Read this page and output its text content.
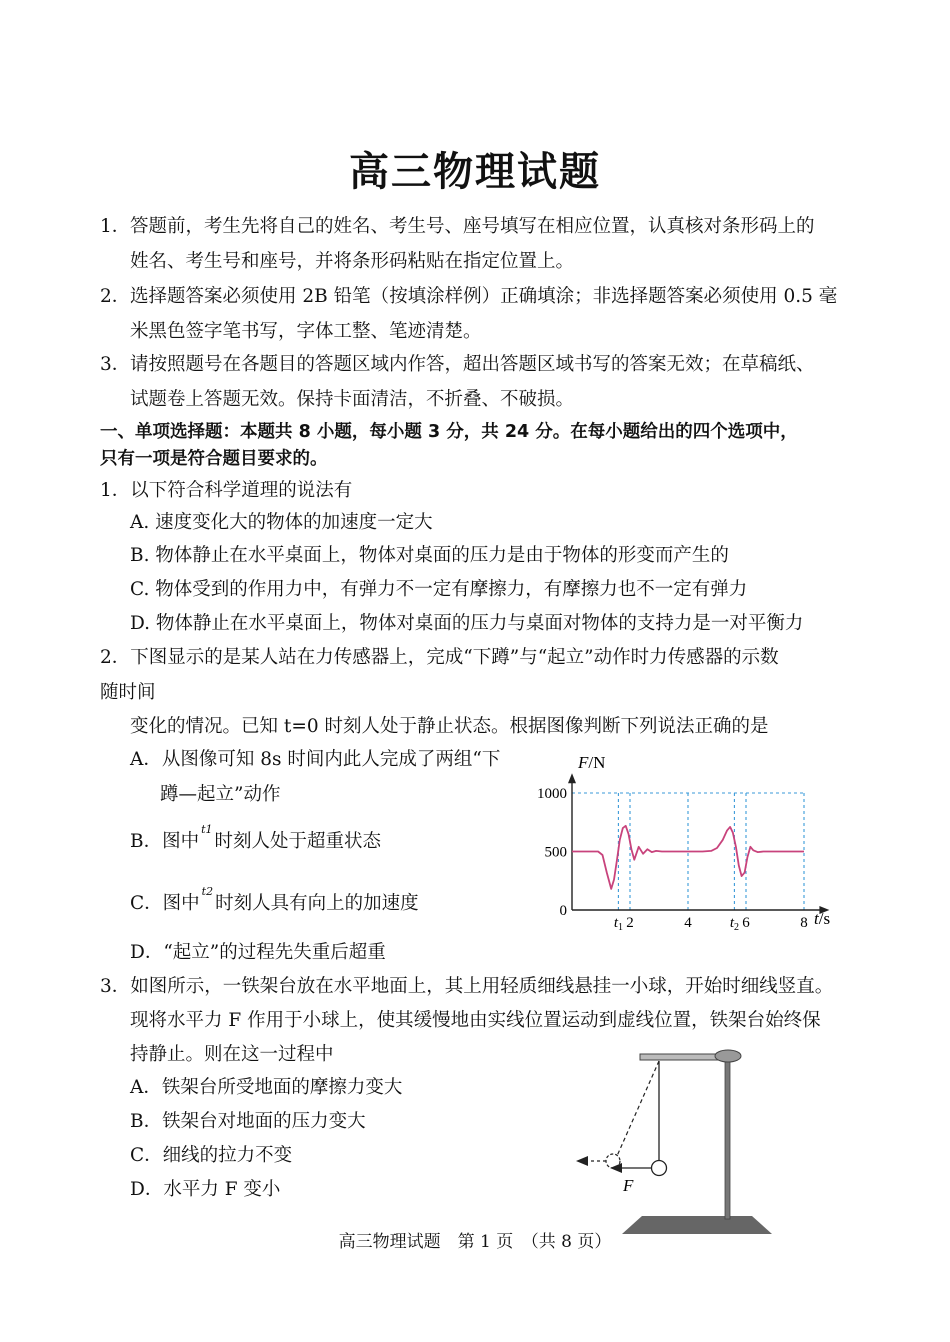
高三物理试题
1． 答题前，考生先将自己的姓名、考生号、座号填写在相应位置，认真核对条形码上的
姓名、考生号和座号，并将条形码粘贴在指定位置上。
2． 选择题答案必须使用 2B 铅笔（按填涂样例）正确填涂；非选择题答案必须使用 0.5 毫
米黑色签字笔书写，字体工整、笔迹清楚。
3． 请按照题号在各题目的答题区域内作答，超出答题区域书写的答案无效；在草稿纸、
试题卷上答题无效。保持卡面清洁，不折叠、不破损。
一、单项选择题：本题共 8 小题，每小题 3 分，共 24 分。在每小题给出的四个选项中，
只有一项是符合题目要求的。
1．以下符合科学道理的说法有
A. 速度变化大的物体的加速度一定大
B. 物体静止在水平桌面上，物体对桌面的压力是由于物体的形变而产生的
C. 物体受到的作用力中，有弹力不一定有摩擦力，有摩擦力也不一定有弹力
D. 物体静止在水平桌面上，物体对桌面的压力与桌面对物体的支持力是一对平衡力
2．下图显示的是某人站在力传感器上，完成“下蹲”与“起立”动作时力传感器的示数
随时间
变化的情况。已知 t=0 时刻人处于静止状态。根据图像判断下列说法正确的是
A．从图像可知 8s 时间内此人完成了两组“下
蹲—起立”动作
B．图中$^{t1}$时刻人处于超重状态
C．图中$^{t2}$时刻人具有向上的加速度
D．“起立”的过程先失重后超重
F/N
t/s
1000
500
0
$t_1$ 2	4	$t_2$ 6	8
3．如图所示，一铁架台放在水平地面上，其上用轻质细线悬挂一小球，开始时细线竖直。
现将水平力 F 作用于小球上，使其缓慢地由实线位置运动到虚线位置，铁架台始终保
持静止。则在这一过程中
A．铁架台所受地面的摩擦力变大
B．铁架台对地面的压力变大
C．细线的拉力不变
D．水平力 F 变小	F
高三物理试题　第 1 页　（共 8 页）
